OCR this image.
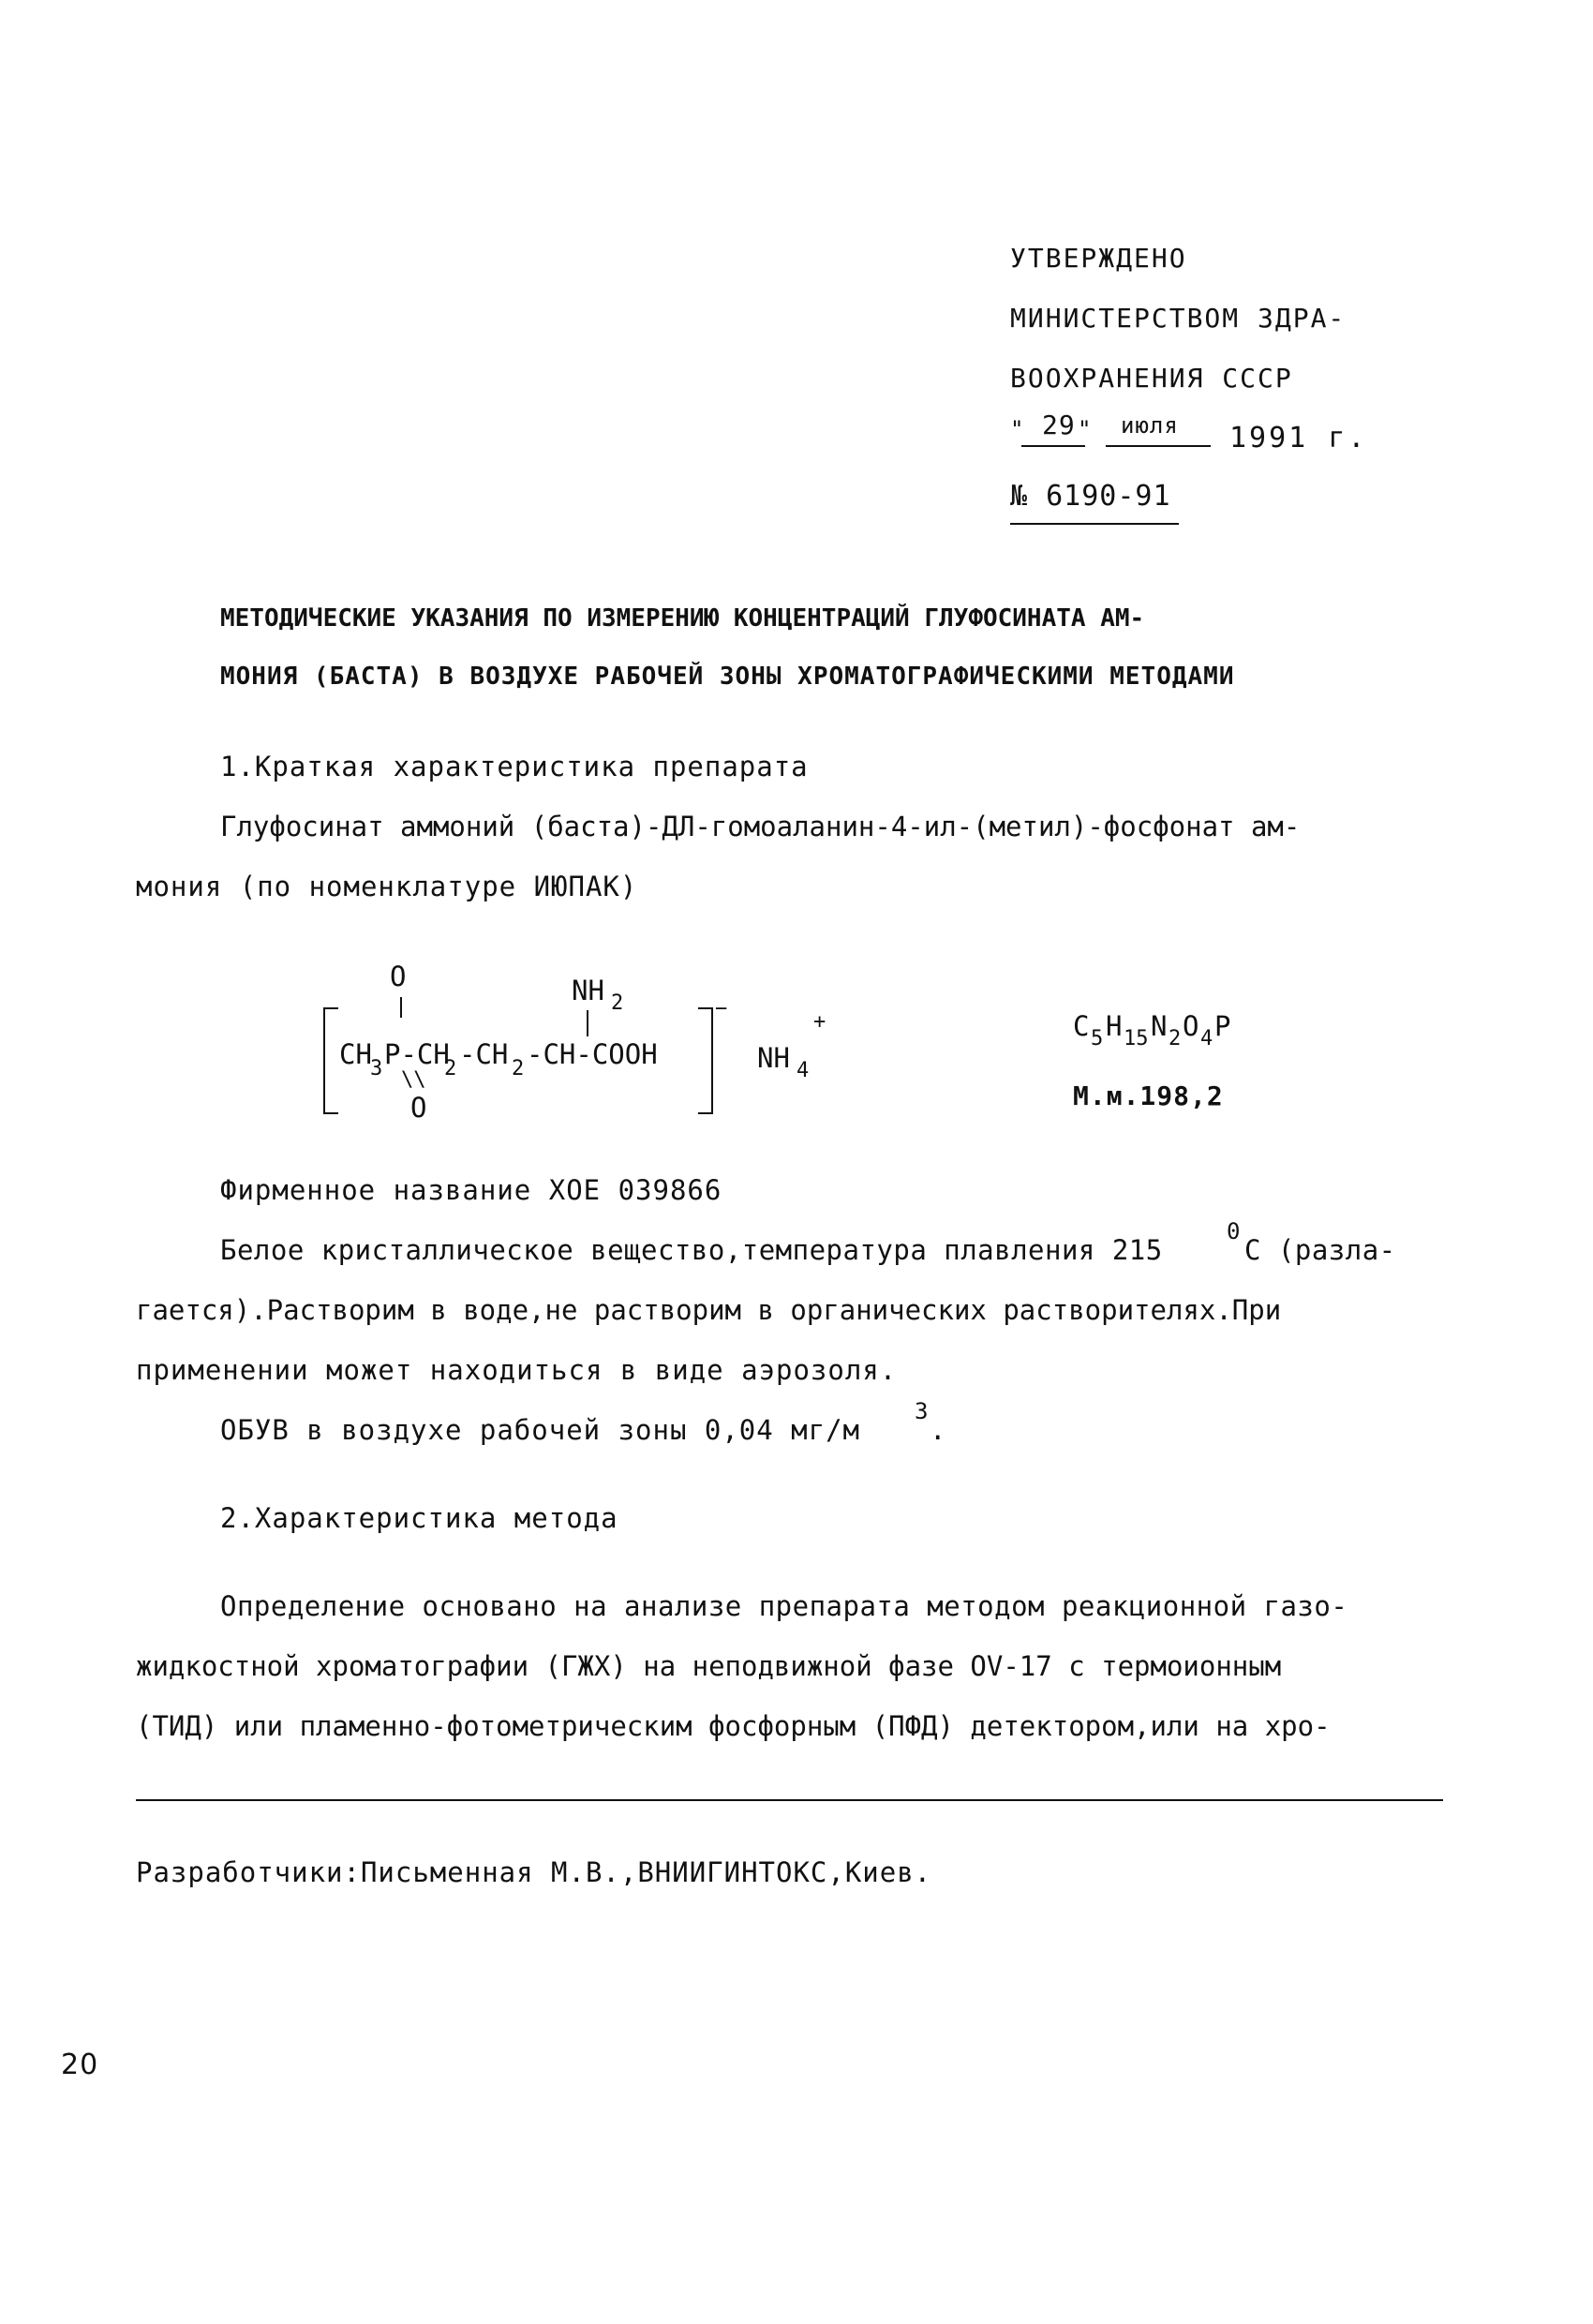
УТВЕРЖДЕНО
МИНИСТЕРСТВОМ ЗДРА-
ВООХРАНЕНИЯ СССР
" 29 " июля 1991 г.
№ 6190-91
МЕТОДИЧЕСКИЕ УКАЗАНИЯ ПО ИЗМЕРЕНИЮ КОНЦЕНТРАЦИЙ ГЛУФОСИНАТА АМ-
МОНИЯ (БАСТА) В ВОЗДУХЕ РАБОЧЕЙ ЗОНЫ ХРОМАТОГРАФИЧЕСКИМИ МЕТОДАМИ
1.Краткая характеристика препарата
Глуфосинат аммоний (баста)-ДЛ-гомоаланин-4-ил-(метил)-фосфонат ам-
мония (по номенклатуре ИЮПАК)
O	NH 2
CH
3 P-CH
2 -CH 2 -CH-COOH
\\
O
−
NH 4
+	C 5 H 15 N 2 O 4 P
М.м.198,2
Фирменное название ХОЕ 039866
Белое кристаллическое вещество,температура плавления 215
0
С (разла-
гается).Растворим в воде,не растворим в органических растворителях.При
применении может находиться в виде аэрозоля.
ОБУВ в воздухе рабочей зоны 0,04 мг/м
3
.
2.Характеристика метода
Определение основано на анализе препарата методом реакционной газо-
жидкостной хроматографии (ГЖХ) на неподвижной фазе OV-17 с термоионным
(ТИД) или пламенно-фотометрическим фосфорным (ПФД) детектором,или на хро-
Разработчики:Письменная М.В.,ВНИИГИНТОКС,Киев.
20
